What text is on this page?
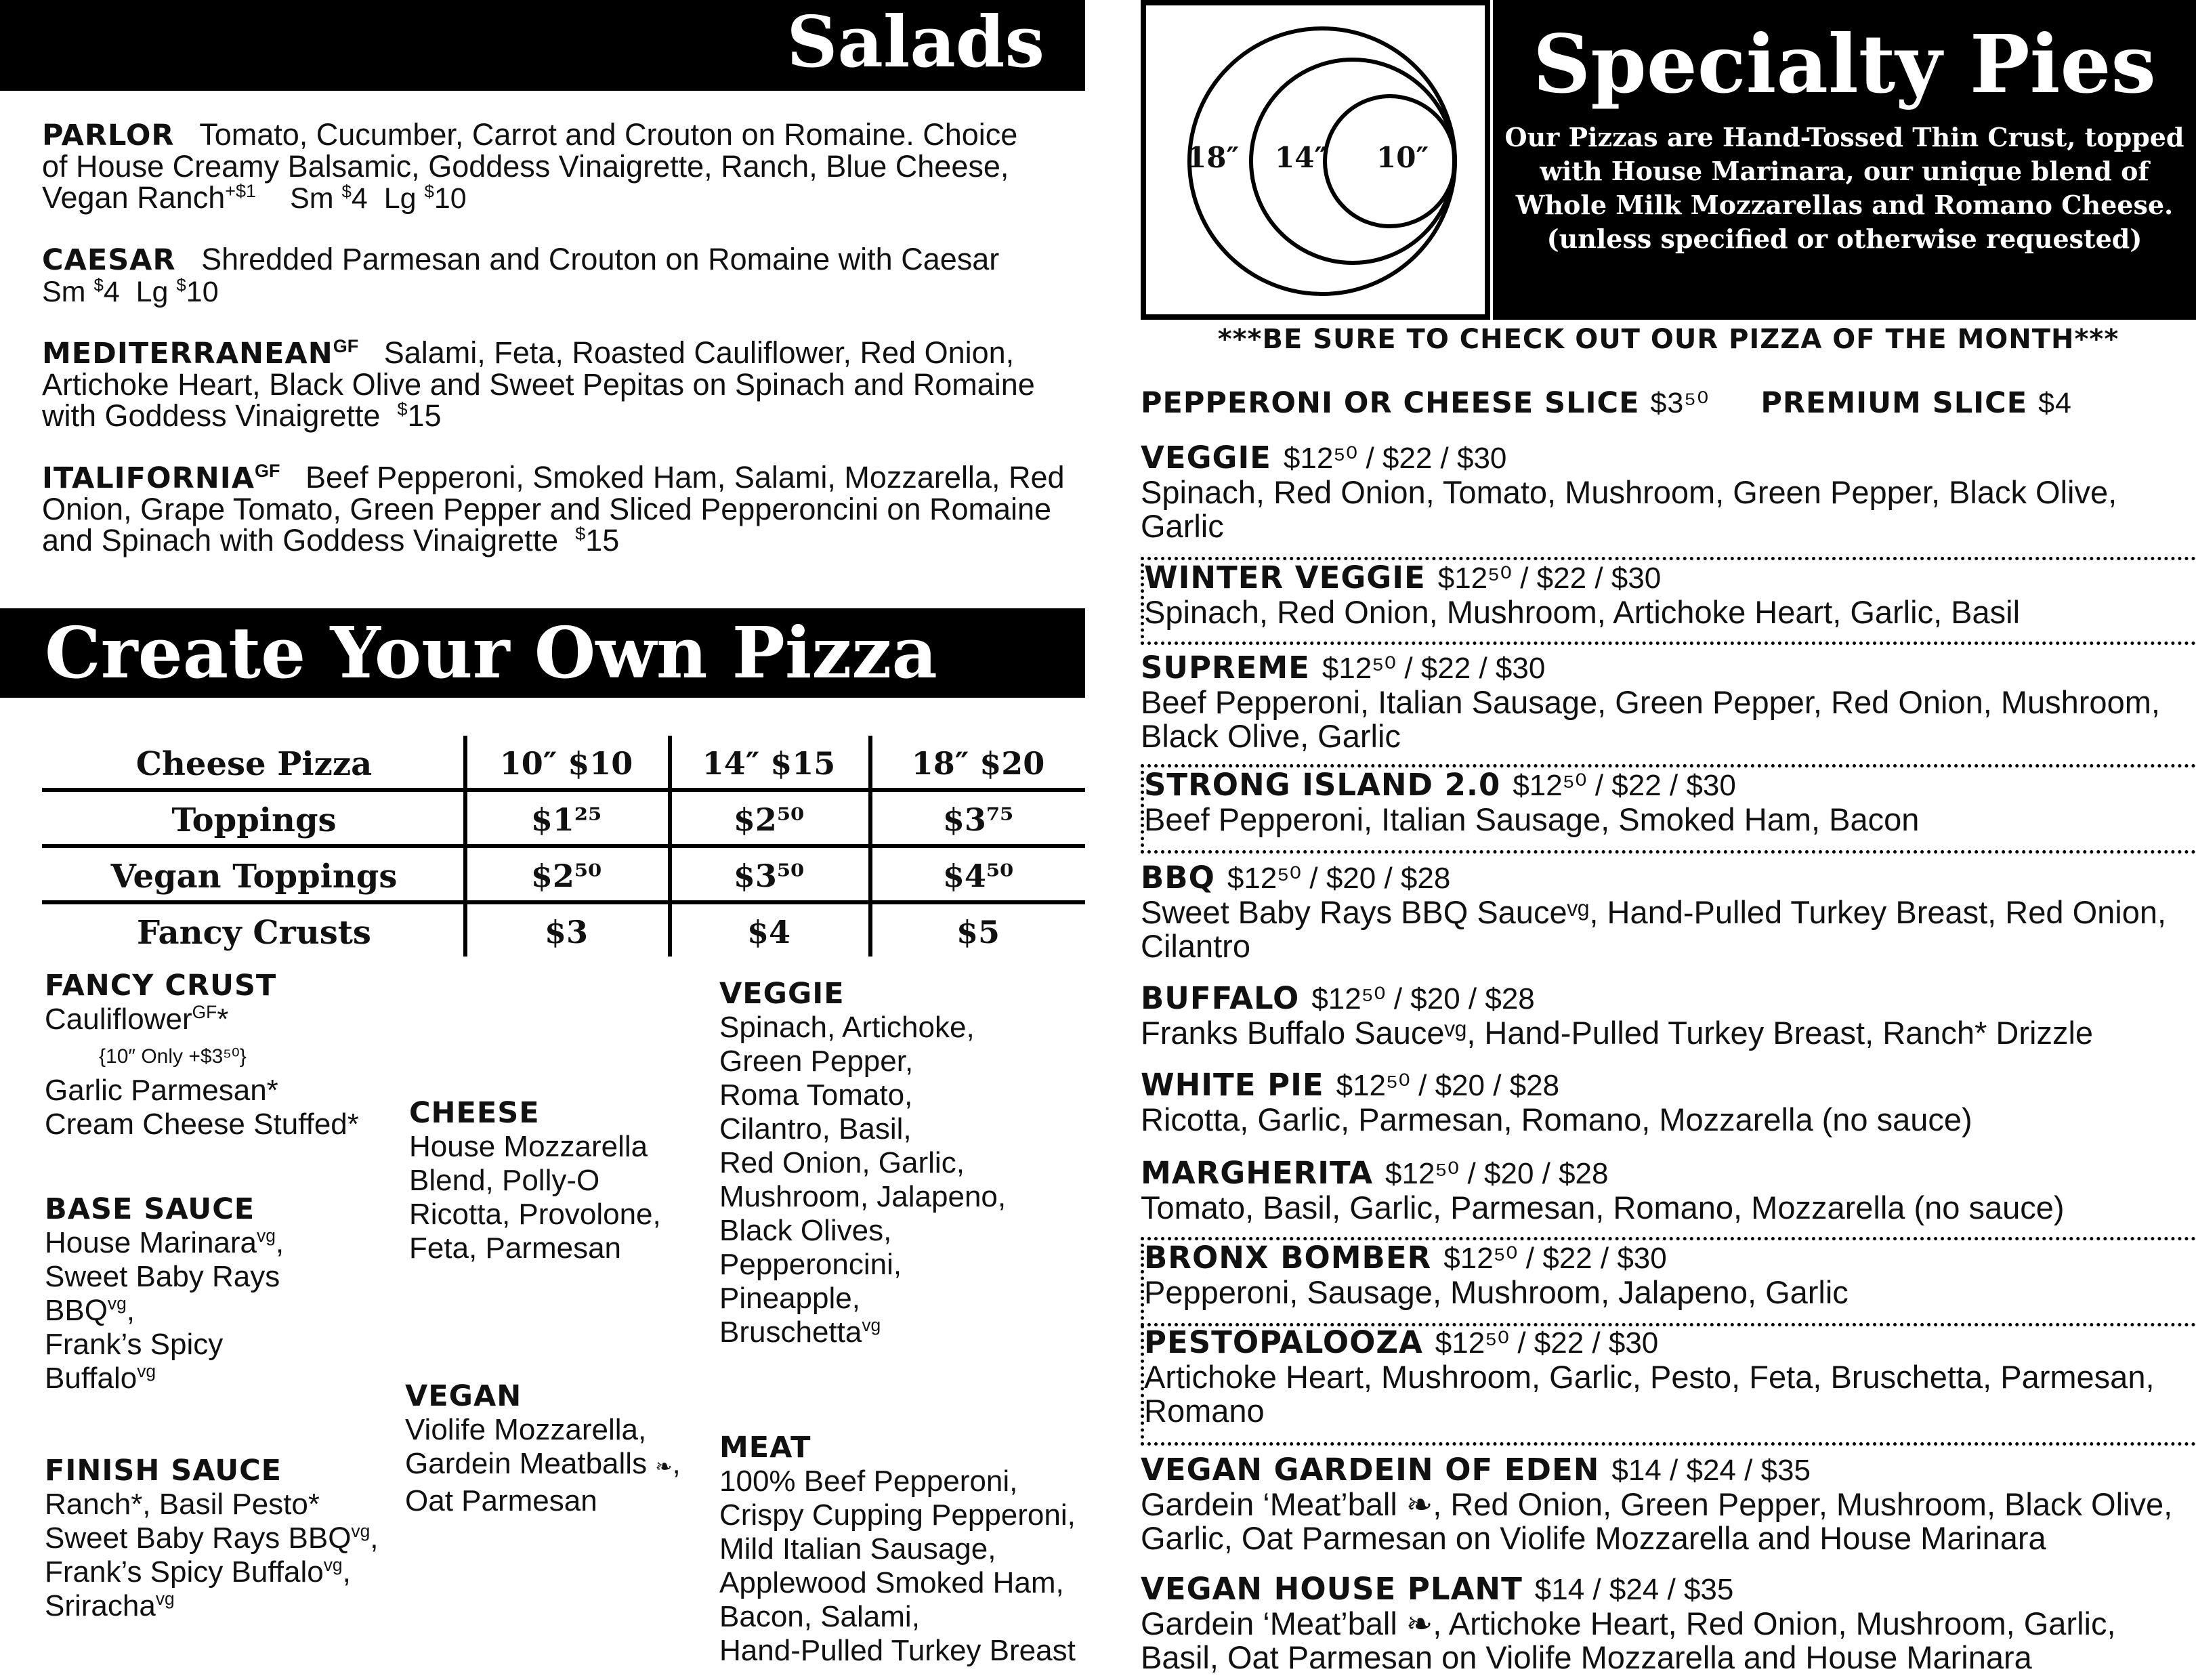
Salads
PARLOR Tomato, Cucumber, Carrot and Crouton on Romaine. Choice of House Creamy Balsamic, Goddess Vinaigrette, Ranch, Blue Cheese, Vegan Ranch$^{+\$1}$ Sm $4 Lg $10
CAESAR Shredded Parmesan and Crouton on Romaine with Caesar
Sm $4 Lg $10
$MEDITERRANEAN^{GF}$ Salami, Feta, Roasted Cauliflower, Red Onion, Artichoke Heart, Black Olive and Sweet Pepitas on Spinach and Romaine with Goddess Vinaigrette $15
$ITALIFORNIA^{GF}$ Beef Pepperoni, Smoked Ham, Salami, Mozzarella, Red Onion, Grape Tomato, Green Pepper and Sliced Pepperoncini on Romaine and Spinach with Goddess Vinaigrette $15
Create Your Own Pizza
Cheese Pizza	10″ $10	14″ $15	18″ $20
Toppings	$1²⁵	$2⁵⁰	$3⁷⁵
Vegan Toppings	$2⁵⁰	$3⁵⁰	$4⁵⁰
Fancy Crusts	$3	$4	$5
FANCY CRUST
Cauliflower$^{GF}$*
{10″ Only +$3⁵⁰}
Garlic Parmesan*
Cream Cheese Stuffed*
BASE SAUCE
House Marinara$^{vg}$,
Sweet Baby Rays
$BBQ^{vg}$,
Frank’s Spicy
Buffalo$^{vg}$
FINISH SAUCE
Ranch*, Basil Pesto*
Sweet Baby Rays $BBQ^{vg}$,
Frank’s Spicy Buffalo$^{vg}$,
Sriracha$^{vg}$
CHEESE
House Mozzarella
Blend, Polly-O
Ricotta, Provolone,
Feta, Parmesan
VEGAN
Violife Mozzarella,
Gardein Meatballs ❧,
Oat Parmesan
VEGGIE
Spinach, Artichoke,
Green Pepper,
Roma Tomato,
Cilantro, Basil,
Red Onion, Garlic,
Mushroom, Jalapeno,
Black Olives,
Pepperoncini,
Pineapple,
Bruschetta$^{vg}$
MEAT
100% Beef Pepperoni,
Crispy Cupping Pepperoni,
Mild Italian Sausage,
Applewood Smoked Ham,
Bacon, Salami,
Hand-Pulled Turkey Breast
18″ 14″ 10″
Specialty Pies
Our Pizzas are Hand-Tossed Thin Crust, topped
with House Marinara, our unique blend of
Whole Milk Mozzarellas and Romano Cheese.
(unless specified or otherwise requested)
***BE SURE TO CHECK OUT OUR PIZZA OF THE MONTH***
PEPPERONI OR CHEESE SLICE $3⁵⁰ PREMIUM SLICE $4
VEGGIE $12⁵⁰ / $22 / $30
Spinach, Red Onion, Tomato, Mushroom, Green Pepper, Black Olive, Garlic
WINTER VEGGIE $12⁵⁰ / $22 / $30
Spinach, Red Onion, Mushroom, Artichoke Heart, Garlic, Basil
SUPREME $12⁵⁰ / $22 / $30
Beef Pepperoni, Italian Sausage, Green Pepper, Red Onion, Mushroom, Black Olive, Garlic
STRONG ISLAND 2.0 $12⁵⁰ / $22 / $30
Beef Pepperoni, Italian Sausage, Smoked Ham, Bacon
BBQ $12⁵⁰ / $20 / $28
Sweet Baby Rays BBQ Sauceᵛᵍ, Hand-Pulled Turkey Breast, Red Onion, Cilantro
BUFFALO $12⁵⁰ / $20 / $28
Franks Buffalo Sauceᵛᵍ, Hand-Pulled Turkey Breast, Ranch* Drizzle
WHITE PIE $12⁵⁰ / $20 / $28
Ricotta, Garlic, Parmesan, Romano, Mozzarella (no sauce)
MARGHERITA $12⁵⁰ / $20 / $28
Tomato, Basil, Garlic, Parmesan, Romano, Mozzarella (no sauce)
BRONX BOMBER $12⁵⁰ / $22 / $30
Pepperoni, Sausage, Mushroom, Jalapeno, Garlic
PESTOPALOOZA $12⁵⁰ / $22 / $30
Artichoke Heart, Mushroom, Garlic, Pesto, Feta, Bruschetta, Parmesan, Romano
VEGAN GARDEIN OF EDEN $14 / $24 / $35
Gardein ‘Meat’ball ❧, Red Onion, Green Pepper, Mushroom, Black Olive, Garlic, Oat Parmesan on Violife Mozzarella and House Marinara
VEGAN HOUSE PLANT $14 / $24 / $35
Gardein ‘Meat’ball ❧, Artichoke Heart, Red Onion, Mushroom, Garlic, Basil, Oat Parmesan on Violife Mozzarella and House Marinara
